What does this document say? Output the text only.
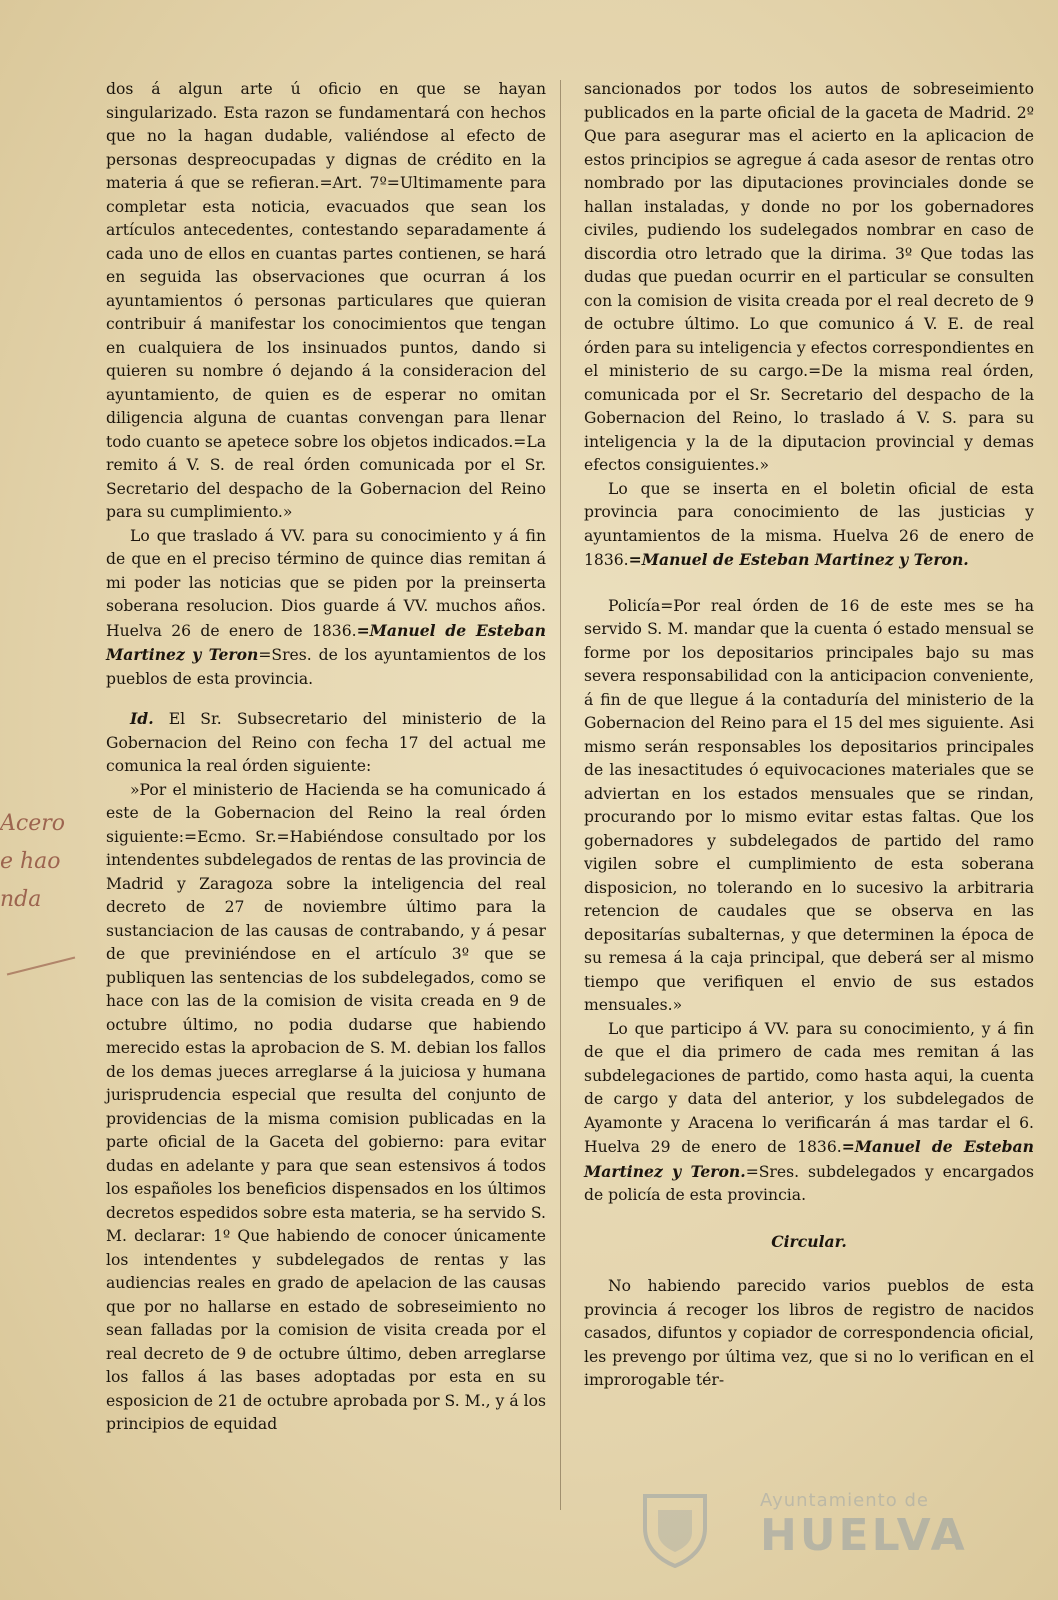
dos á algun arte ú oficio en que se hayan singularizado. Esta razon se fundamentará con hechos que no la hagan dudable, valiéndose al efecto de personas despreocupadas y dignas de crédito en la materia á que se refieran.=Art. 7º=Ultimamente para completar esta noticia, evacuados que sean los artículos antecedentes, contestando separadamente á cada uno de ellos en cuantas partes contienen, se hará en seguida las observaciones que ocurran á los ayuntamientos ó personas particulares que quieran contribuir á manifestar los conocimientos que tengan en cualquiera de los insinuados puntos, dando si quieren su nombre ó dejando á la consideracion del ayuntamiento, de quien es de esperar no omitan diligencia alguna de cuantas convengan para llenar todo cuanto se apetece sobre los objetos indicados.=La remito á V. S. de real órden comunicada por el Sr. Secretario del despacho de la Gobernacion del Reino para su cumplimiento.»

Lo que traslado á VV. para su conocimiento y á fin de que en el preciso término de quince dias remitan á mi poder las noticias que se piden por la preinserta soberana resolucion. Dios guarde á VV. muchos años. Huelva 26 de enero de 1836.=Manuel de Esteban Martinez y Teron=Sres. de los ayuntamientos de los pueblos de esta provincia.

Id. El Sr. Subsecretario del ministerio de la Gobernacion del Reino con fecha 17 del actual me comunica la real órden siguiente:

»Por el ministerio de Hacienda se ha comunicado á este de la Gobernacion del Reino la real órden siguiente:=Ecmo. Sr.=Habiéndose consultado por los intendentes subdelegados de rentas de las provincia de Madrid y Zaragoza sobre la inteligencia del real decreto de 27 de noviembre último para la sustanciacion de las causas de contrabando, y á pesar de que previniéndose en el artículo 3º que se publiquen las sentencias de los subdelegados, como se hace con las de la comision de visita creada en 9 de octubre último, no podia dudarse que habiendo merecido estas la aprobacion de S. M. debian los fallos de los demas jueces arreglarse á la juiciosa y humana jurisprudencia especial que resulta del conjunto de providencias de la misma comision publicadas en la parte oficial de la Gaceta del gobierno: para evitar dudas en adelante y para que sean estensivos á todos los españoles los beneficios dispensados en los últimos decretos espedidos sobre esta materia, se ha servido S. M. declarar: 1º Que habiendo de conocer únicamente los intendentes y subdelegados de rentas y las audiencias reales en grado de apelacion de las causas que por no hallarse en estado de sobreseimiento no sean falladas por la comision de visita creada por el real decreto de 9 de octubre último, deben arreglarse los fallos á las bases adoptadas por esta en su esposicion de 21 de octubre aprobada por S. M., y á los principios de equidad

sancionados por todos los autos de sobreseimiento publicados en la parte oficial de la gaceta de Madrid. 2º Que para asegurar mas el acierto en la aplicacion de estos principios se agregue á cada asesor de rentas otro nombrado por las diputaciones provinciales donde se hallan instaladas, y donde no por los gobernadores civiles, pudiendo los sudelegados nombrar en caso de discordia otro letrado que la dirima. 3º Que todas las dudas que puedan ocurrir en el particular se consulten con la comision de visita creada por el real decreto de 9 de octubre último. Lo que comunico á V. E. de real órden para su inteligencia y efectos correspondientes en el ministerio de su cargo.=De la misma real órden, comunicada por el Sr. Secretario del despacho de la Gobernacion del Reino, lo traslado á V. S. para su inteligencia y la de la diputacion provincial y demas efectos consiguientes.»

Lo que se inserta en el boletin oficial de esta provincia para conocimiento de las justicias y ayuntamientos de la misma. Huelva 26 de enero de 1836.=Manuel de Esteban Martinez y Teron.

Policía=Por real órden de 16 de este mes se ha servido S. M. mandar que la cuenta ó estado mensual se forme por los depositarios principales bajo su mas severa responsabilidad con la anticipacion conveniente, á fin de que llegue á la contaduría del ministerio de la Gobernacion del Reino para el 15 del mes siguiente. Asi mismo serán responsables los depositarios principales de las inesactitudes ó equivocaciones materiales que se adviertan en los estados mensuales que se rindan, procurando por lo mismo evitar estas faltas. Que los gobernadores y subdelegados de partido del ramo vigilen sobre el cumplimiento de esta soberana disposicion, no tolerando en lo sucesivo la arbitraria retencion de caudales que se observa en las depositarías subalternas, y que determinen la época de su remesa á la caja principal, que deberá ser al mismo tiempo que verifiquen el envio de sus estados mensuales.»

Lo que participo á VV. para su conocimiento, y á fin de que el dia primero de cada mes remitan á las subdelegaciones de partido, como hasta aqui, la cuenta de cargo y data del anterior, y los subdelegados de Ayamonte y Aracena lo verificarán á mas tardar el 6. Huelva 29 de enero de 1836.=Manuel de Esteban Martinez y Teron.=Sres. subdelegados y encargados de policía de esta provincia.

Circular.

No habiendo parecido varios pueblos de esta provincia á recoger los libros de registro de nacidos casados, difuntos y copiador de correspondencia oficial, les prevengo por última vez, que si no lo verifican en el improrogable tér-

Acero
e hao
nda
Ayuntamiento de
HUELVA
